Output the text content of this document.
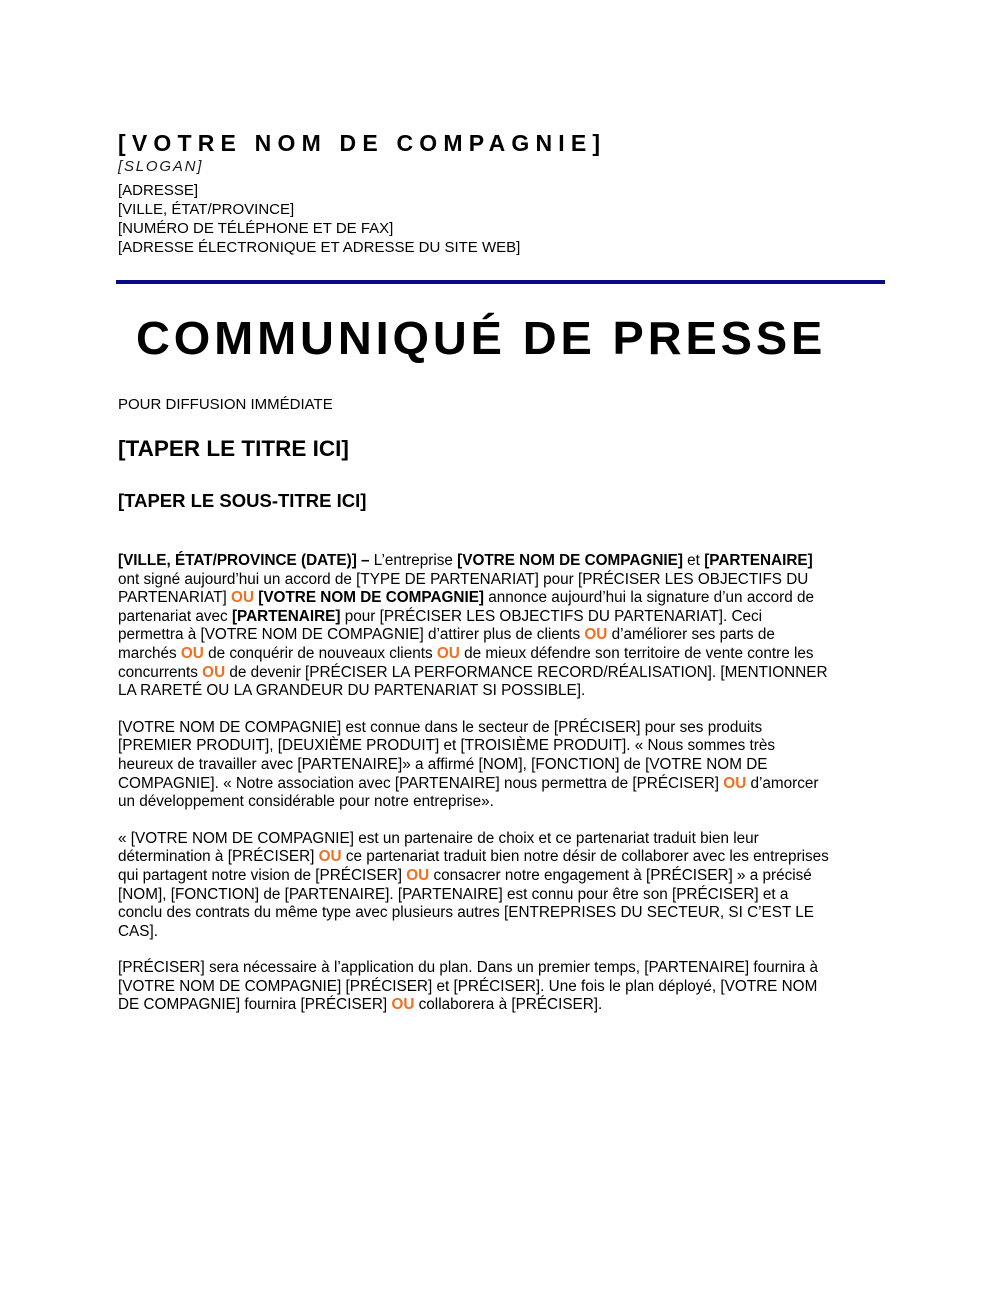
[VOTRE NOM DE COMPAGNIE]
[SLOGAN]
[ADRESSE]
[VILLE, ÉTAT/PROVINCE]
[NUMÉRO DE TÉLÉPHONE ET DE FAX]
[ADRESSE ÉLECTRONIQUE ET ADRESSE DU SITE WEB]
COMMUNIQUÉ DE PRESSE
POUR DIFFUSION IMMÉDIATE
[TAPER LE TITRE ICI]
[TAPER LE SOUS-TITRE ICI]

[VILLE, ÉTAT/PROVINCE (DATE)] – L’entreprise [VOTRE NOM DE COMPAGNIE] et [PARTENAIRE]
ont signé aujourd’hui un accord de [TYPE DE PARTENARIAT] pour [PRÉCISER LES OBJECTIFS DU
PARTENARIAT] OU [VOTRE NOM DE COMPAGNIE] annonce aujourd’hui la signature d’un accord de
partenariat avec [PARTENAIRE] pour [PRÉCISER LES OBJECTIFS DU PARTENARIAT]. Ceci
permettra à [VOTRE NOM DE COMPAGNIE] d’attirer plus de clients OU d’améliorer ses parts de
marchés OU de conquérir de nouveaux clients OU de mieux défendre son territoire de vente contre les
concurrents OU de devenir [PRÉCISER LA PERFORMANCE RECORD/RÉALISATION]. [MENTIONNER
LA RARETÉ OU LA GRANDEUR DU PARTENARIAT SI POSSIBLE].

[VOTRE NOM DE COMPAGNIE] est connue dans le secteur de [PRÉCISER] pour ses produits
[PREMIER PRODUIT], [DEUXIÈME PRODUIT] et [TROISIÈME PRODUIT]. « Nous sommes très
heureux de travailler avec [PARTENAIRE]» a affirmé [NOM], [FONCTION] de [VOTRE NOM DE
COMPAGNIE]. « Notre association avec [PARTENAIRE] nous permettra de [PRÉCISER] OU d’amorcer
un développement considérable pour notre entreprise».

« [VOTRE NOM DE COMPAGNIE] est un partenaire de choix et ce partenariat traduit bien leur
détermination à [PRÉCISER] OU ce partenariat traduit bien notre désir de collaborer avec les entreprises
qui partagent notre vision de [PRÉCISER] OU consacrer notre engagement à [PRÉCISER] » a précisé
[NOM], [FONCTION] de [PARTENAIRE]. [PARTENAIRE] est connu pour être son [PRÉCISER] et a
conclu des contrats du même type avec plusieurs autres [ENTREPRISES DU SECTEUR, SI C’EST LE
CAS].

[PRÉCISER] sera nécessaire à l’application du plan. Dans un premier temps, [PARTENAIRE] fournira à
[VOTRE NOM DE COMPAGNIE] [PRÉCISER] et [PRÉCISER]. Une fois le plan déployé, [VOTRE NOM
DE COMPAGNIE] fournira [PRÉCISER] OU collaborera à [PRÉCISER].
